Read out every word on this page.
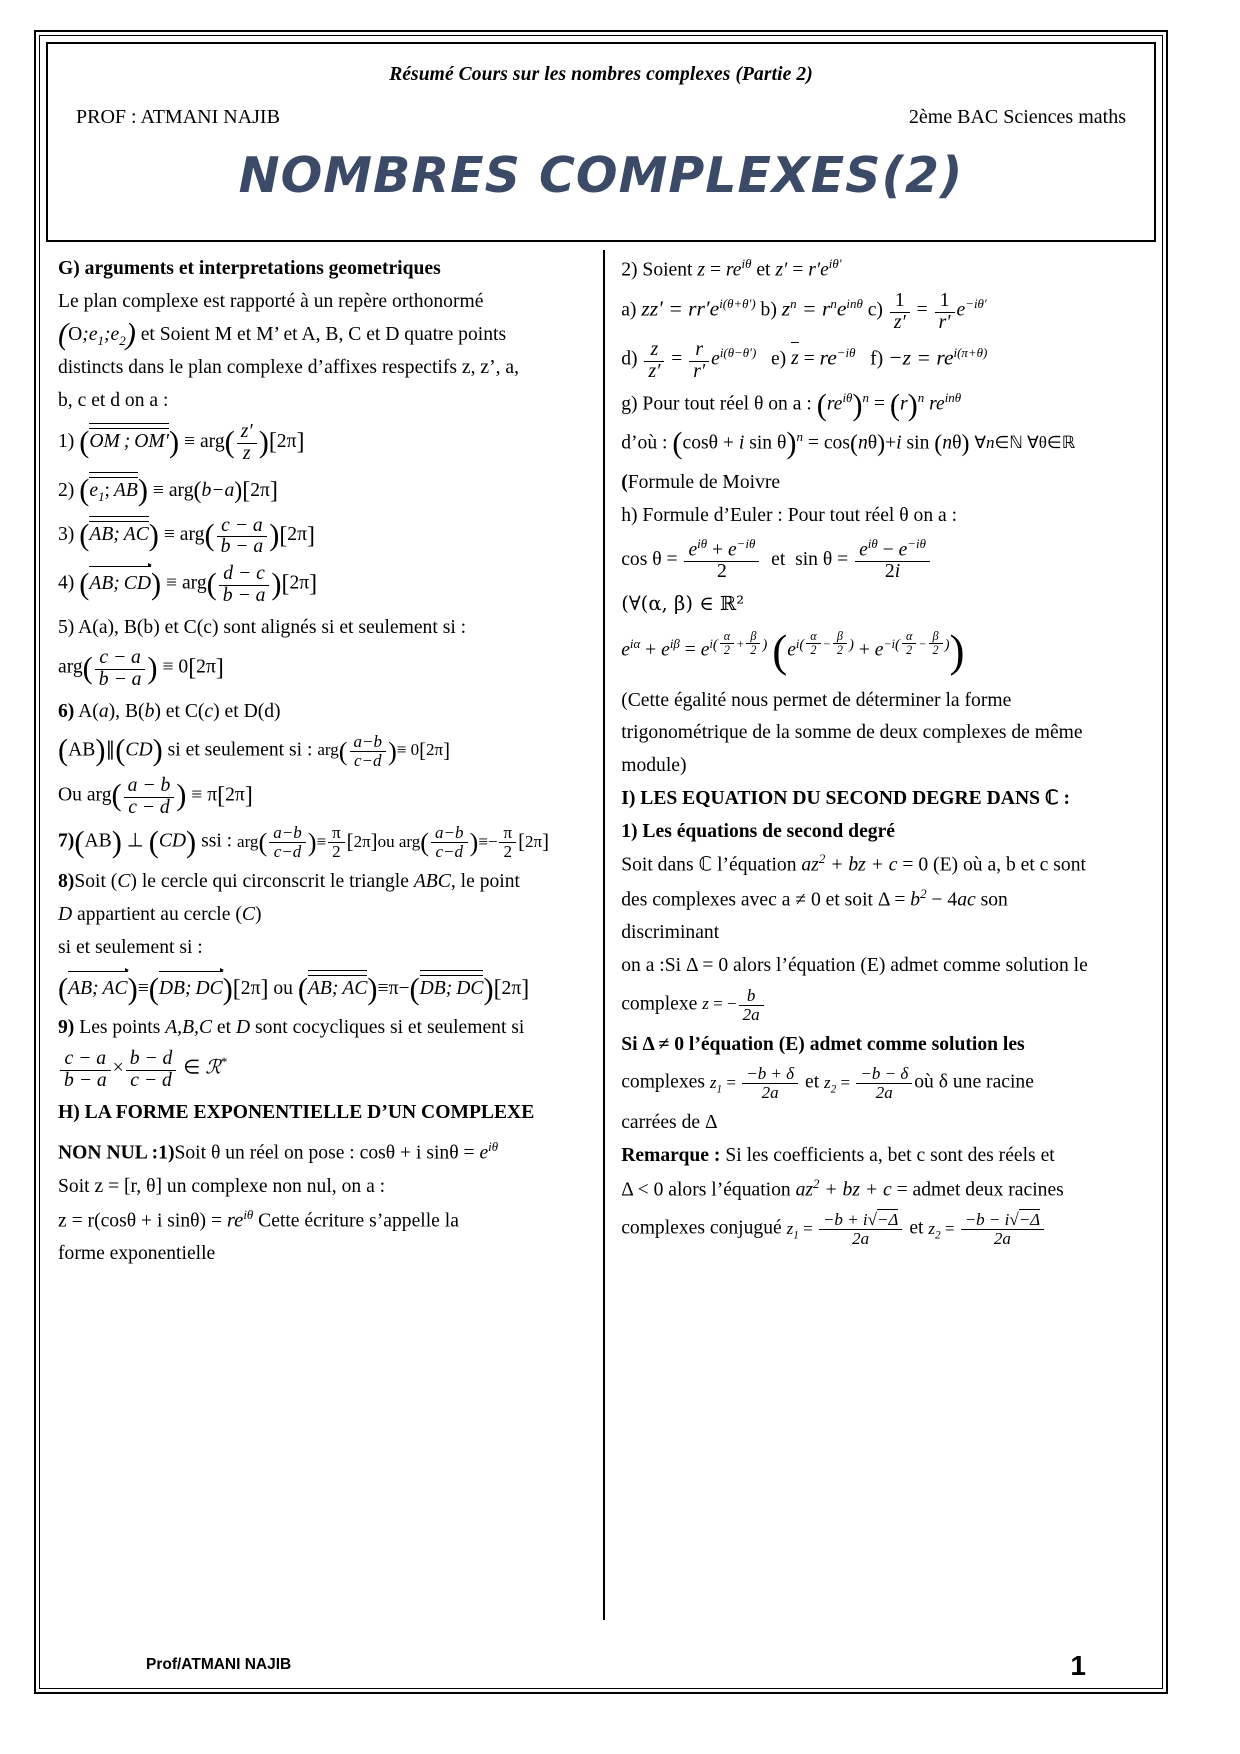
Résumé Cours sur les nombres complexes (Partie 2)
PROF : ATMANI NAJIB	2ème BAC Sciences maths
NOMBRES COMPLEXES(2)
G) arguments et interpretations geometriques
Le plan complexe est rapporté à un repère orthonormé
$(O;e_1;e_2)$ et Soient M et M’ et A, B, C et D quatre points
distincts dans le plan complexe d’affixes respectifs z, z’, a,
b, c et d on a :
1) (OM ; $OM') \equiv arg( \frac{z'}{z} )[2\pi]$
2) ($e_1$; AB) ≡ arg(b−a)[2π]
3) (AB; $AC) \equiv arg( \frac{c - a}{b - a} )[2\pi]$
4) (AB; $CD) \equiv arg( \frac{d - c}{b - a} )[2\pi]$
5) A(a), B(b) et C(c) sont alignés si et seulement si :
$arg( \frac{c - a}{b - a}$ ) ≡ 0[2π]
6) A(a), B(b) et C(c) et D(d)
(AB)∥(CD) si et seulement si : $arg( \frac{a-b}{c-d}$ )≡ 0[2π]
Ou $arg( \frac{a - b}{c - d}$ ) ≡ π[2π]
7)(AB) ⊥ (CD) ssi : $arg( \frac{a-b}{c-d}$ )≡ $\frac{\pi}{2} [2\pi]ou$ $arg( \frac{a-b}{c-d}$ )≡− $\frac{\pi}{2} [2\pi]$
8)Soit (C) le cercle qui circonscrit le triangle ABC, le point
D appartient au cercle (C)
si et seulement si :
(AB; AC)≡(DB; DC)[2π] ou (AB; AC)≡π−(DB; DC)[2π]
9) Les points A,B,C et D sont cocycliques si et seulement si
$\frac{c - a}{b - a} \times \frac{b - d}{c - d}$ ∈ ℛ*
H) LA FORME EXPONENTIELLE D’UN COMPLEXE
NON NUL :1)Soit θ un réel on pose : cosθ + i $\sin\theta = e^{i\theta}$
Soit z = [r, θ] un complexe non nul, on a :
z = r(cosθ + i $\sin\theta) = re^{i\theta}$ Cette écriture s’appelle la
forme exponentielle
2) Soient $z = re^{i\theta}$ et $z' = r'e^{i\theta'}$
a) $zz' = rr'e^{i(\theta+\theta')}$ b) $z^n = r^ne^{in\theta}$ $c) \frac{1}{z'} = \frac{1}{r'} e^{-i\theta'}$
$d) \frac{z}{z'} = \frac{r}{r'} e^{i(\theta-\theta')}$ e) $z = re^{-i\theta}$ $f) -z = re^{i(\pi+\theta)}$
g) Pour tout réel θ on a : $(re^{i\theta})^n = (r)^n$ $re^{in\theta}$
d’où : (cosθ + i sin θ)$^n$ = cos(nθ)+i sin (nθ) ∀n∈ℕ ∀θ∈ℝ
(Formule de Moivre
h) Formule d’Euler : Pour tout réel θ on a :
$\cos \theta = \frac{e^{i\theta} + e^{-i\theta}}{2}$ et $\sin \theta = \frac{e^{i\theta} - e^{-i\theta}}{2i}$
(∀(α, β) ∈ ℝ²
$e^{i\alpha} + e^{i\beta} = e^{i( \frac{\alpha}{2} + \frac{\beta}{2} )}$ $(e^{i( \frac{\alpha}{2} - \frac{\beta}{2} )} + e^{-i( \frac{\alpha}{2} - \frac{\beta}{2} )})$
(Cette égalité nous permet de déterminer la forme
trigonométrique de la somme de deux complexes de même
module)
I) LES EQUATION DU SECOND DEGRE DANS ℂ :
1) Les équations de second degré
Soit dans ℂ l’équation $az^2$ + bz + c = 0 (E) où a, b et c sont
des complexes avec a ≠ 0 et soit $\Delta = b^2 - 4ac$ son
discriminant
on a :Si Δ = 0 alors l’équation (E) admet comme solution le
complexe z = − $\frac{b}{2a}$
Si Δ ≠ 0 l’équation (E) admet comme solution les
complexes $z_1 = \frac{-b + \delta}{2a}$ et $z_2 = \frac{-b - \delta}{2a}$ où δ une racine
carrées de Δ
Remarque : Si les coefficients a, bet c sont des réels et
Δ < 0 alors l’équation $az^2$ + bz + c = admet deux racines
complexes conjugué $z_1 = \frac{-b + i√-\Delta}{2a}$ et $z_2 = \frac{-b - i√-\Delta}{2a}$
Prof/ATMANI NAJIB	1
